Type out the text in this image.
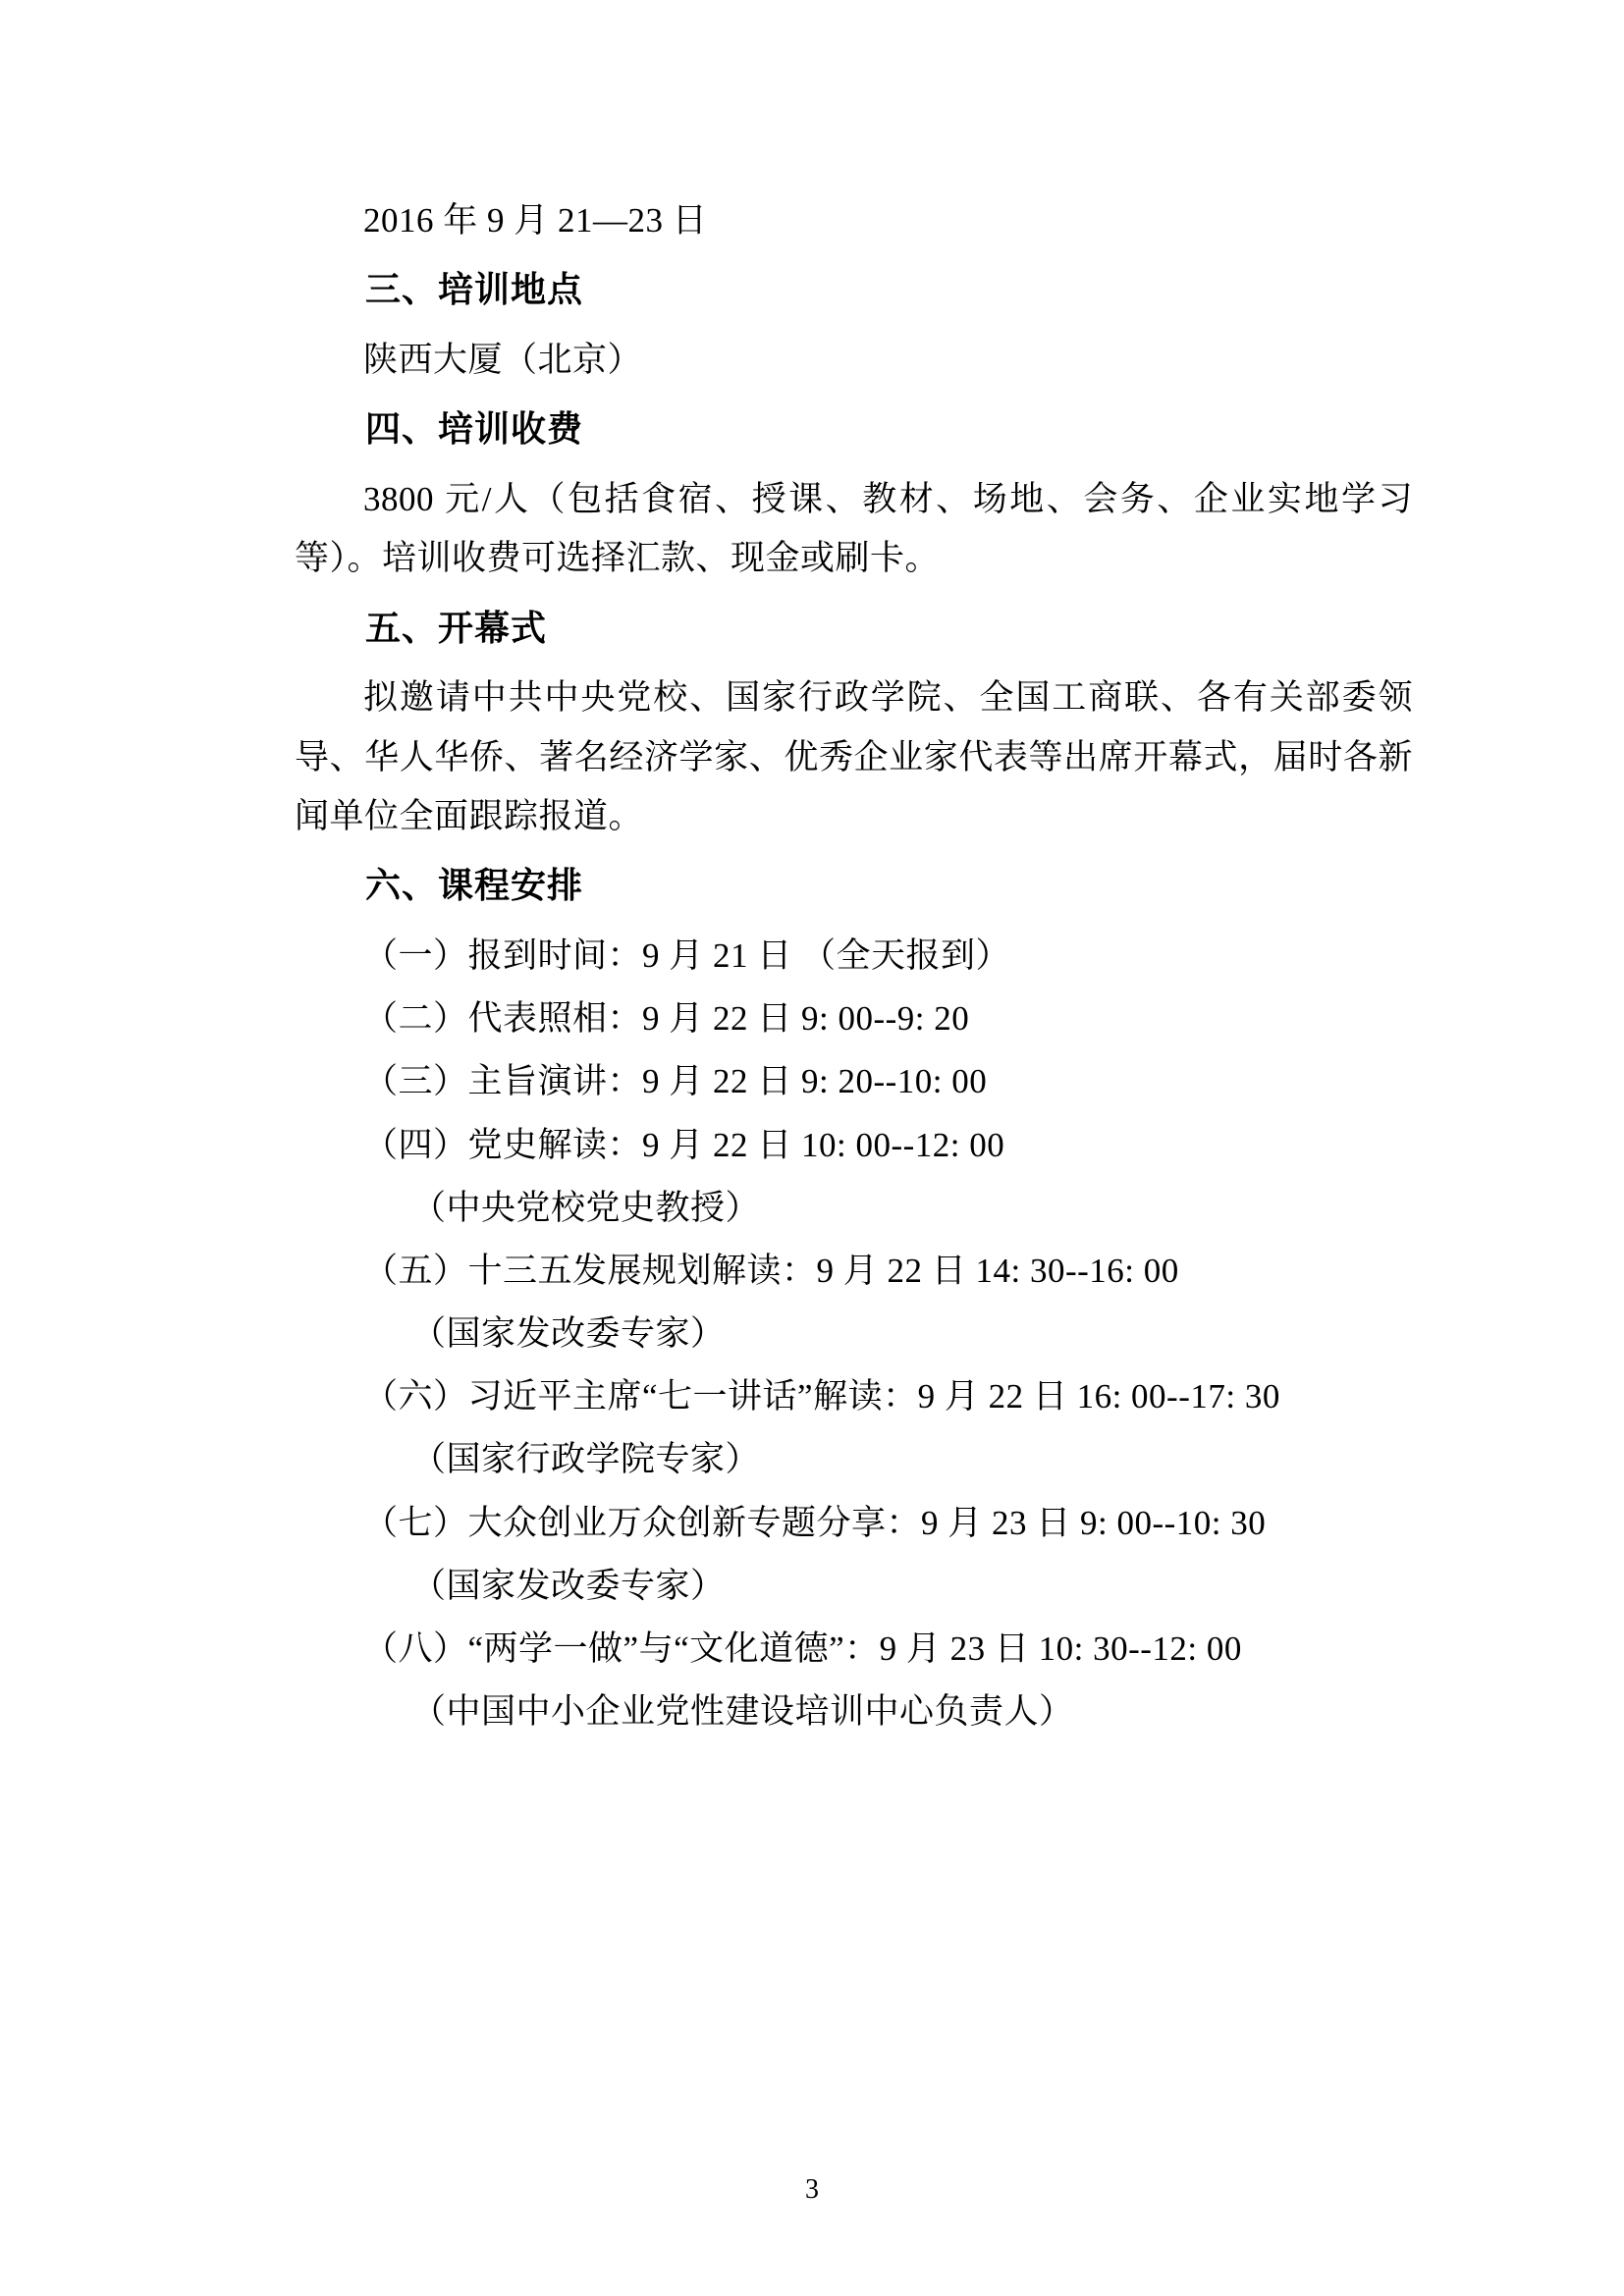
2016 年 9 月 21—23 日

三、培训地点

陕西大厦（北京）

四、培训收费

3800 元/人（包括食宿、授课、教材、场地、会务、企业实地学习等）。培训收费可选择汇款、现金或刷卡。

五、开幕式

拟邀请中共中央党校、国家行政学院、全国工商联、各有关部委领导、华人华侨、著名经济学家、优秀企业家代表等出席开幕式，届时各新闻单位全面跟踪报道。

六、课程安排

（一）报到时间：9 月 21 日 （全天报到）

（二）代表照相：9 月 22 日 9: 00--9: 20

（三）主旨演讲：9 月 22 日 9: 20--10: 00

（四）党史解读：9 月 22 日 10: 00--12: 00

（中央党校党史教授）

（五）十三五发展规划解读：9 月 22 日 14: 30--16: 00

（国家发改委专家）

（六）习近平主席“七一讲话”解读：9 月 22 日 16: 00--17: 30

（国家行政学院专家）

（七）大众创业万众创新专题分享：9 月 23 日 9: 00--10: 30

（国家发改委专家）

（八）“两学一做”与“文化道德”：9 月 23 日 10: 30--12: 00

（中国中小企业党性建设培训中心负责人）

3
